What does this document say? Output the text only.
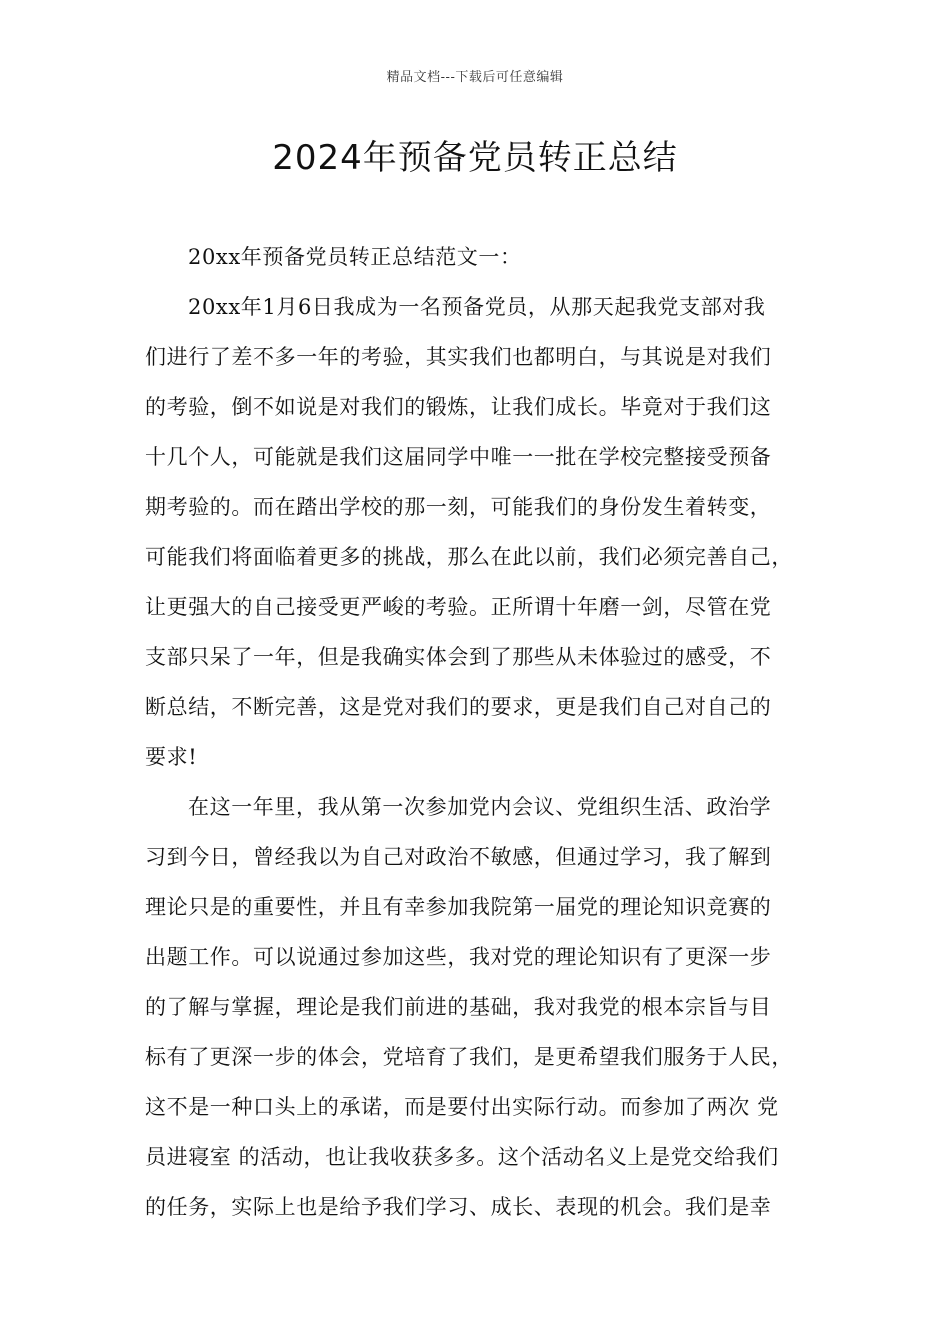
精品文档---下载后可任意编辑
2024年预备党员转正总结
20xx年预备党员转正总结范文一：
20xx年1月6日我成为一名预备党员，从那天起我党支部对我
们进行了差不多一年的考验，其实我们也都明白，与其说是对我们
的考验，倒不如说是对我们的锻炼，让我们成长。毕竟对于我们这
十几个人，可能就是我们这届同学中唯一一批在学校完整接受预备
期考验的。而在踏出学校的那一刻，可能我们的身份发生着转变，
可能我们将面临着更多的挑战，那么在此以前，我们必须完善自己，
让更强大的自己接受更严峻的考验。正所谓十年磨一剑，尽管在党
支部只呆了一年，但是我确实体会到了那些从未体验过的感受，不
断总结，不断完善，这是党对我们的要求，更是我们自己对自己的
要求!
在这一年里，我从第一次参加党内会议、党组织生活、政治学
习到今日，曾经我以为自己对政治不敏感，但通过学习，我了解到
理论只是的重要性，并且有幸参加我院第一届党的理论知识竞赛的
出题工作。可以说通过参加这些，我对党的理论知识有了更深一步
的了解与掌握，理论是我们前进的基础，我对我党的根本宗旨与目
标有了更深一步的体会，党培育了我们，是更希望我们服务于人民，
这不是一种口头上的承诺，而是要付出实际行动。而参加了两次 党
员进寝室 的活动，也让我收获多多。这个活动名义上是党交给我们
的任务，实际上也是给予我们学习、成长、表现的机会。我们是幸
